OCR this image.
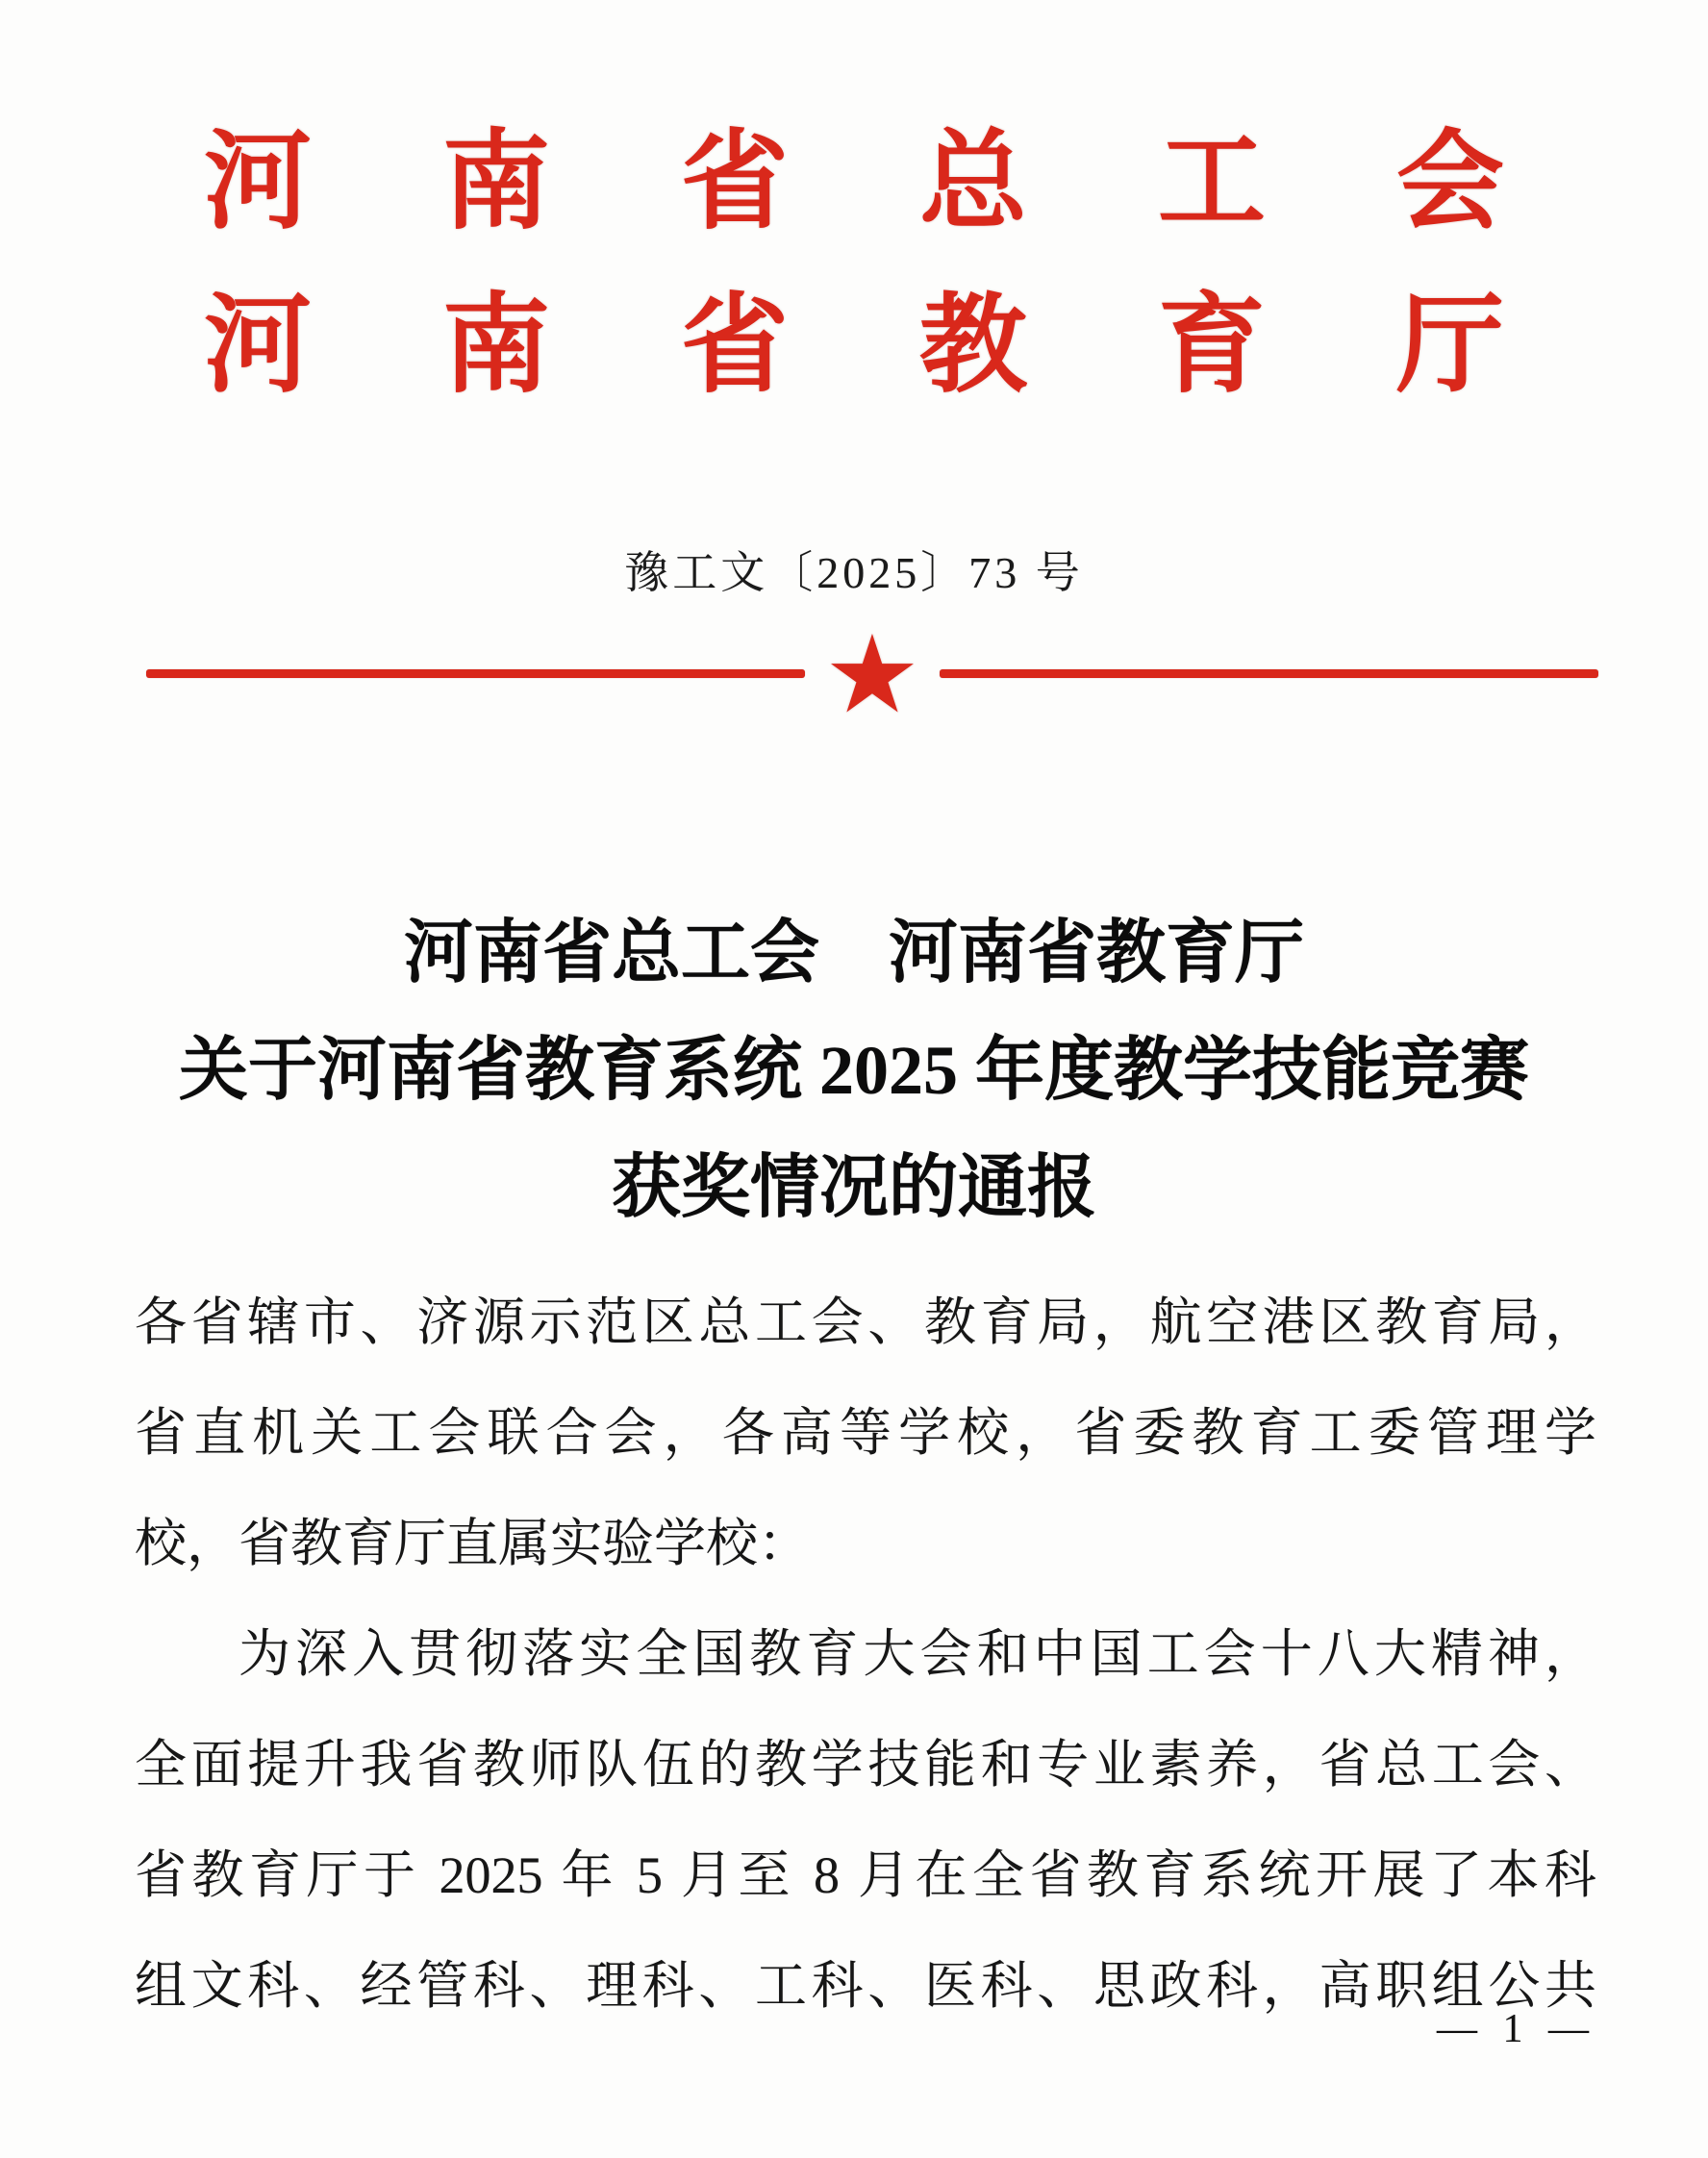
河 南 省 总 工 会
河 南 省 教 育 厅
豫工文〔2025〕73 号
★
河南省总工会　河南省教育厅
关于河南省教育系统 2025 年度教学技能竞赛
获奖情况的通报
各省辖市、济源示范区总工会、教育局，航空港区教育局，
省直机关工会联合会，各高等学校，省委教育工委管理学
校，省教育厅直属实验学校：
为深入贯彻落实全国教育大会和中国工会十八大精神，
全面提升我省教师队伍的教学技能和专业素养，省总工会、
省教育厅于 2025 年 5 月至 8 月在全省教育系统开展了本科
组文科、经管科、理科、工科、医科、思政科，高职组公共
— 1 —
